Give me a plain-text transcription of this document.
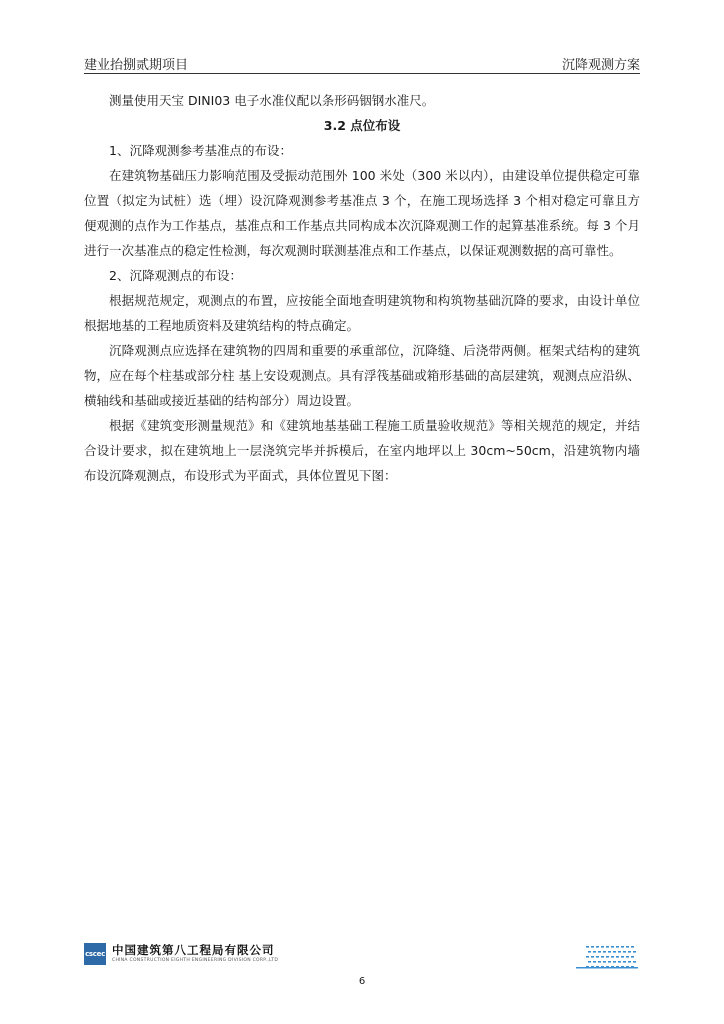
建业抬捌贰期项目	沉降观测方案

测量使用天宝 DINI03 电子水准仪配以条形码铟钢水准尺。

3.2 点位布设

1、沉降观测参考基准点的布设：

在建筑物基础压力影响范围及受振动范围外 100 米处（300 米以内），由建设单位提供稳定可靠位置（拟定为试桩）选（埋）设沉降观测参考基准点 3 个，在施工现场选择 3 个相对稳定可靠且方便观测的点作为工作基点，基准点和工作基点共同构成本次沉降观测工作的起算基准系统。每 3 个月进行一次基准点的稳定性检测，每次观测时联测基准点和工作基点，以保证观测数据的高可靠性。

2、沉降观测点的布设：

根据规范规定，观测点的布置，应按能全面地查明建筑物和构筑物基础沉降的要求，由设计单位根据地基的工程地质资料及建筑结构的特点确定。

沉降观测点应选择在建筑物的四周和重要的承重部位，沉降缝、后浇带两侧。框架式结构的建筑物，应在每个柱基或部分柱 基上安设观测点。具有浮筏基础或箱形基础的高层建筑，观测点应沿纵、横轴线和基础或接近基础的结构部分）周边设置。

根据《建筑变形测量规范》和《建筑地基基础工程施工质量验收规范》等相关规范的规定，并结合设计要求，拟在建筑地上一层浇筑完毕并拆模后，在室内地坪以上 30cm~50cm，沿建筑物内墙布设沉降观测点，布设形式为平面式，具体位置见下图：

cscec 中国建筑第八工程局有限公司
CHINA CONSTRUCTION EIGHTH ENGINEERING DIVISION CORP.,LTD
6
